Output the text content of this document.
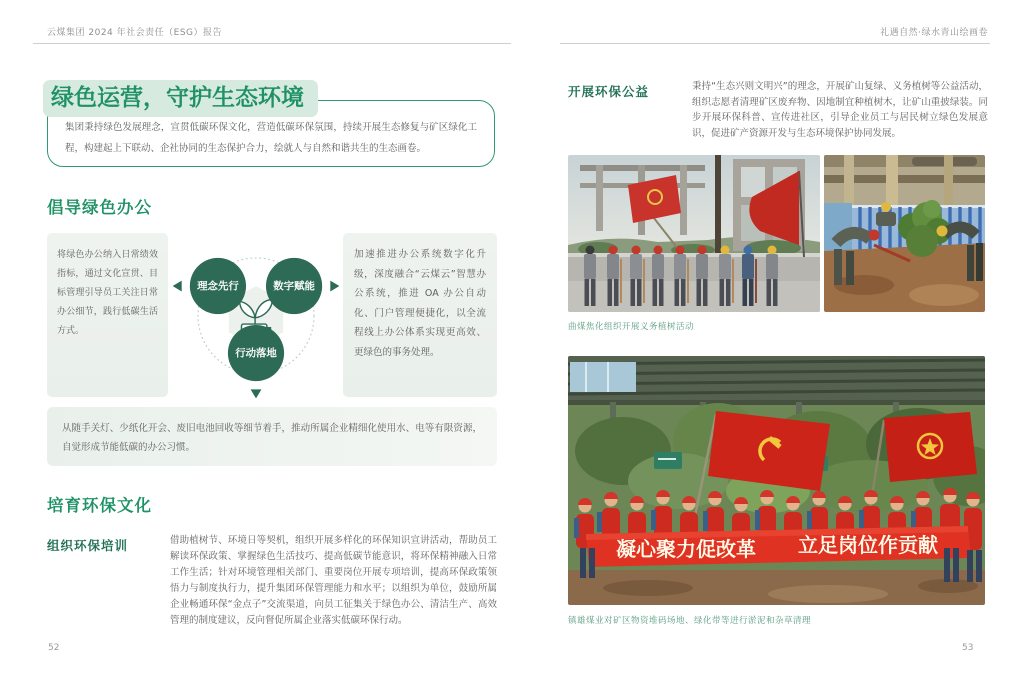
云煤集团 2024 年社会责任（ESG）报告
绿色运营，守护生态环境
集团秉持绿色发展理念，宣贯低碳环保文化，营造低碳环保氛围，持续开展生态修复与矿区绿化工程，构建起上下联动、企社协同的生态保护合力，绘就人与自然和谐共生的生态画卷。
倡导绿色办公
将绿色办公纳入日常绩效指标，通过文化宣贯、目标管理引导员工关注日常办公细节，践行低碳生活方式。
理念先行	数字赋能
行动落地
加速推进办公系统数字化升级，深度融合“云煤云”智慧办公系统，推进 OA 办公自动化、门户管理便捷化，以全流程线上办公体系实现更高效、更绿色的事务处理。
从随手关灯、少纸化开会、废旧电池回收等细节着手，推动所属企业精细化使用水、电等有限资源，自觉形成节能低碳的办公习惯。
培育环保文化
组织环保培训	借助植树节、环境日等契机，组织开展多样化的环保知识宣讲活动，帮助员工解读环保政策、掌握绿色生活技巧、提高低碳节能意识，将环保精神融入日常工作生活；针对环境管理相关部门、重要岗位开展专项培训，提高环保政策领悟力与制度执行力，提升集团环保管理能力和水平；以组织为单位，鼓励所属企业畅通环保“金点子”交流渠道，向员工征集关于绿色办公、清洁生产、高效管理的制度建议，反向督促所属企业落实低碳环保行动。
52
礼遇自然·绿水青山绘画卷
开展环保公益	秉持“生态兴则文明兴”的理念，开展矿山复绿、义务植树等公益活动，组织志愿者清理矿区废弃物、因地制宜种植树木，让矿山重披绿装。同步开展环保科普、宣传进社区，引导企业员工与居民树立绿色发展意识，促进矿产资源开发与生态环境保护协同发展。
曲煤焦化组织开展义务植树活动
凝心聚力促改革 立足岗位作贡献
镇雄煤业对矿区物资堆码场地、绿化带等进行淤泥和杂草清理
53
